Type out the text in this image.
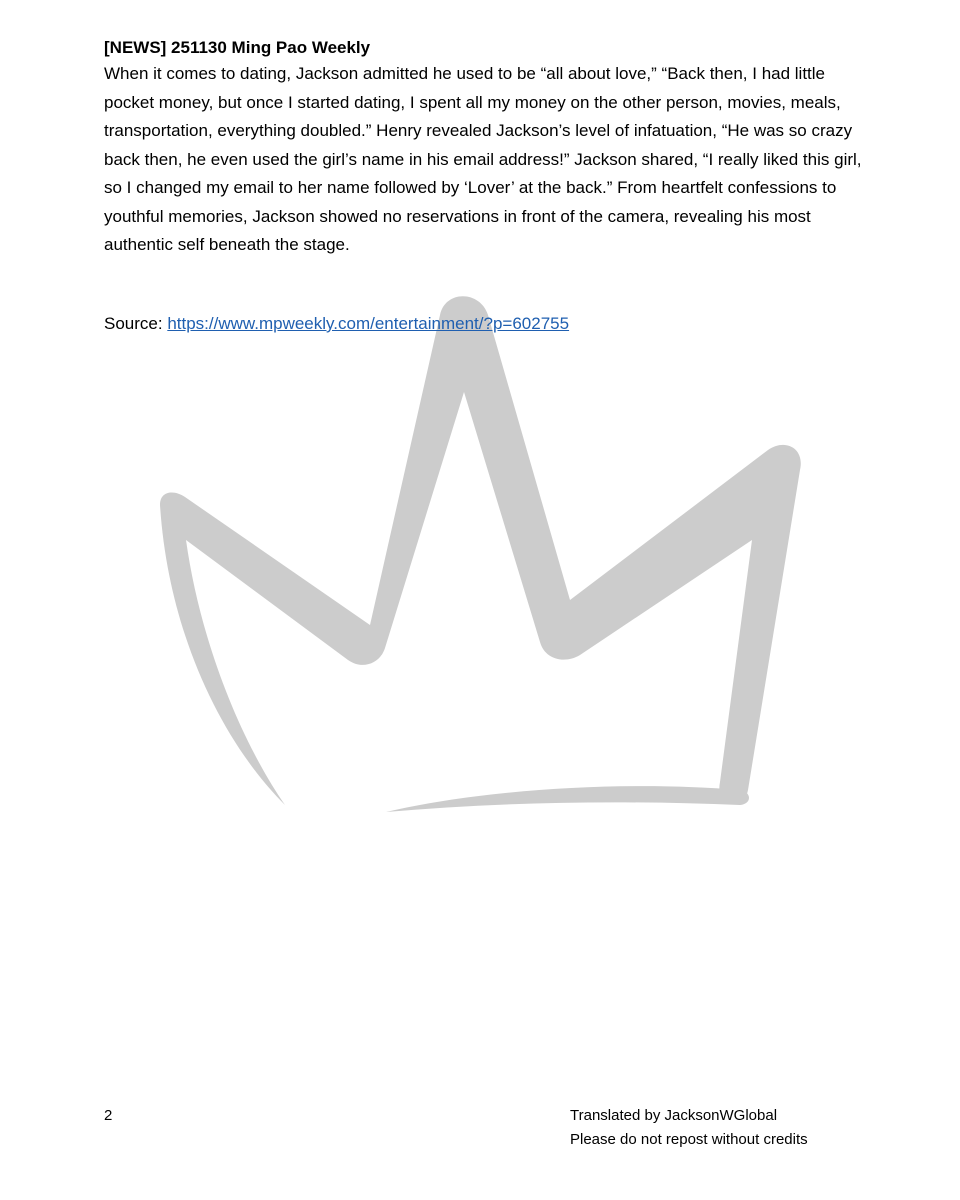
[NEWS] 251130 Ming Pao Weekly

When it comes to dating, Jackson admitted he used to be “all about love,” “Back then, I had little pocket money, but once I started dating, I spent all my money on the other person, movies, meals, transportation, everything doubled.” Henry revealed Jackson’s level of infatuation, “He was so crazy back then, he even used the girl’s name in his email address!” Jackson shared, “I really liked this girl, so I changed my email to her name followed by ‘Lover’ at the back.” From heartfelt confessions to youthful memories, Jackson showed no reservations in front of the camera, revealing his most authentic self beneath the stage.

Source: https://www.mpweekly.com/entertainment/?p=602755
2	Translated by JacksonWGlobal
Please do not repost without credits
